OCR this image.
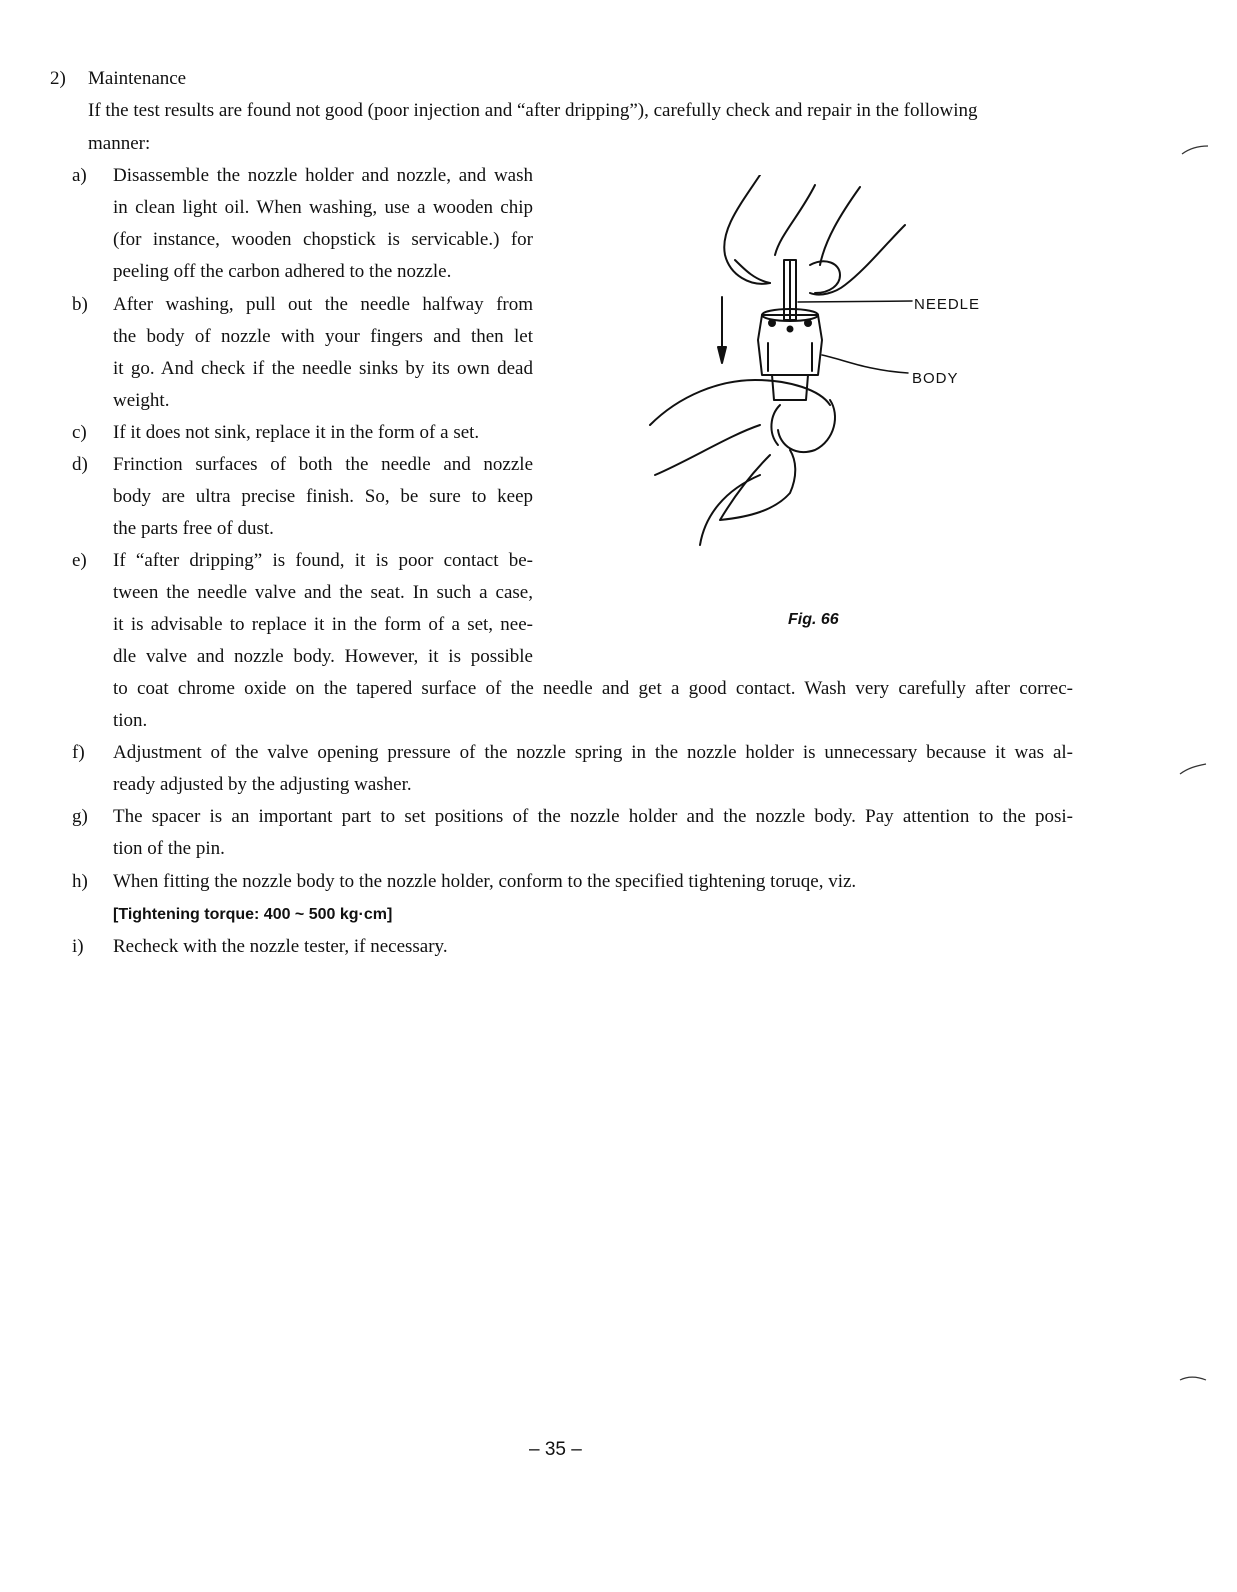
2) Maintenance
If the test results are found not good (poor injection and “after dripping”), carefully check and repair in the following
manner:
a)	Disassemble the nozzle holder and nozzle, and wash
in clean light oil. When washing, use a wooden chip
(for instance, wooden chopstick is servicable.) for
peeling off the carbon adhered to the nozzle.
b)	After washing, pull out the needle halfway from
the body of nozzle with your fingers and then let
it go. And check if the needle sinks by its own dead
weight.
c)	If it does not sink, replace it in the form of a set.
d)	Frinction surfaces of both the needle and nozzle
body are ultra precise finish. So, be sure to keep
the parts free of dust.
e)	If “after dripping” is found, it is poor contact be-
tween the needle valve and the seat. In such a case,
it is advisable to replace it in the form of a set, nee-
dle valve and nozzle body. However, it is possible
to coat chrome oxide on the tapered surface of the needle and get a good contact. Wash very carefully after correc-
tion.
f)	Adjustment of the valve opening pressure of the nozzle spring in the nozzle holder is unnecessary because it was al-
ready adjusted by the adjusting washer.
g)	The spacer is an important part to set positions of the nozzle holder and the nozzle body. Pay attention to the posi-
tion of the pin.
h)	When fitting the nozzle body to the nozzle holder, conform to the specified tightening toruqe, viz.
[Tightening torque: 400 ~ 500 kg·cm]
i)	Recheck with the nozzle tester, if necessary.
NEEDLE
BODY
Fig. 66
– 35 –
